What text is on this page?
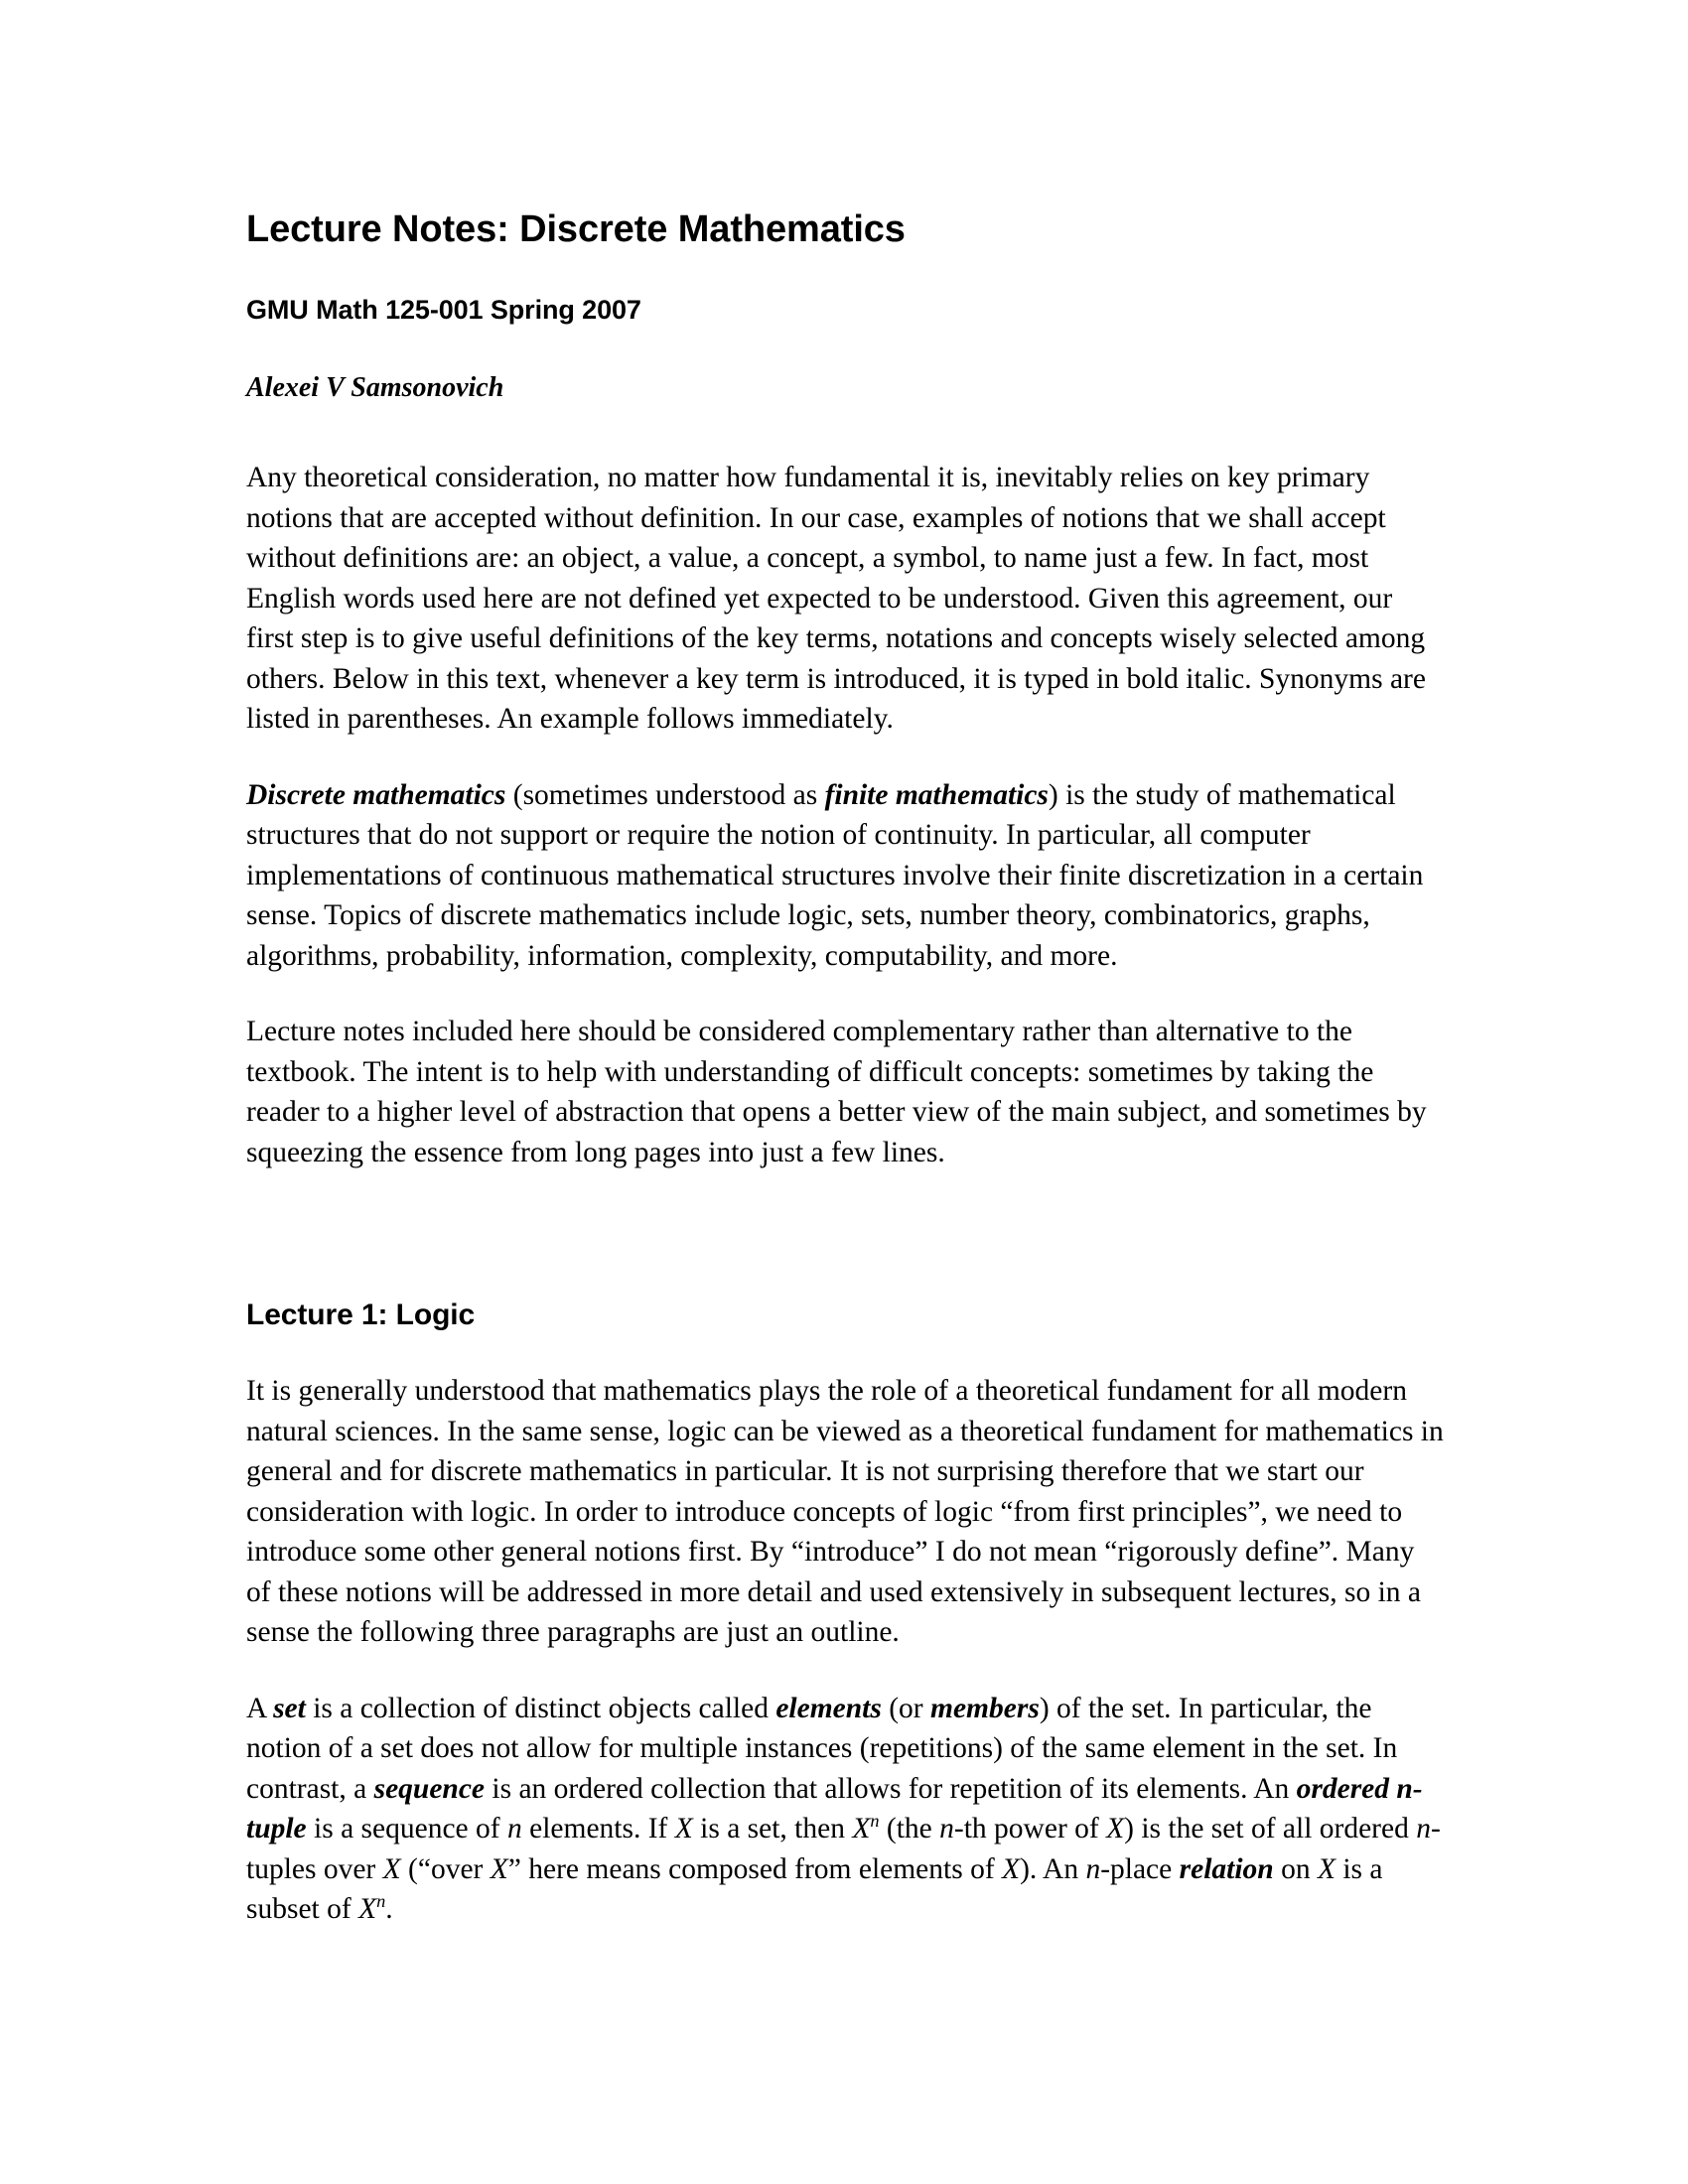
Lecture Notes: Discrete Mathematics
GMU Math 125-001 Spring 2007
Alexei V Samsonovich

Any theoretical consideration, no matter how fundamental it is, inevitably relies on key primary notions that are accepted without definition. In our case, examples of notions that we shall accept without definitions are: an object, a value, a concept, a symbol, to name just a few. In fact, most English words used here are not defined yet expected to be understood. Given this agreement, our first step is to give useful definitions of the key terms, notations and concepts wisely selected among others. Below in this text, whenever a key term is introduced, it is typed in bold italic. Synonyms are listed in parentheses. An example follows immediately.

Discrete mathematics (sometimes understood as finite mathematics) is the study of mathematical structures that do not support or require the notion of continuity. In particular, all computer implementations of continuous mathematical structures involve their finite discretization in a certain sense. Topics of discrete mathematics include logic, sets, number theory, combinatorics, graphs, algorithms, probability, information, complexity, computability, and more.

Lecture notes included here should be considered complementary rather than alternative to the textbook. The intent is to help with understanding of difficult concepts: sometimes by taking the reader to a higher level of abstraction that opens a better view of the main subject, and sometimes by squeezing the essence from long pages into just a few lines.

Lecture 1: Logic

It is generally understood that mathematics plays the role of a theoretical fundament for all modern natural sciences. In the same sense, logic can be viewed as a theoretical fundament for mathematics in general and for discrete mathematics in particular. It is not surprising therefore that we start our consideration with logic. In order to introduce concepts of logic “from first principles”, we need to introduce some other general notions first. By “introduce” I do not mean “rigorously define”. Many of these notions will be addressed in more detail and used extensively in subsequent lectures, so in a sense the following three paragraphs are just an outline.

A set is a collection of distinct objects called elements (or members) of the set. In particular, the notion of a set does not allow for multiple instances (repetitions) of the same element in the set. In contrast, a sequence is an ordered collection that allows for repetition of its elements. An ordered n-tuple is a sequence of n elements. If X is a set, then $X^n$ (the n-th power of X) is the set of all ordered n-tuples over X (“over X” here means composed from elements of X). An n-place relation on X is a subset of $X^n$.
